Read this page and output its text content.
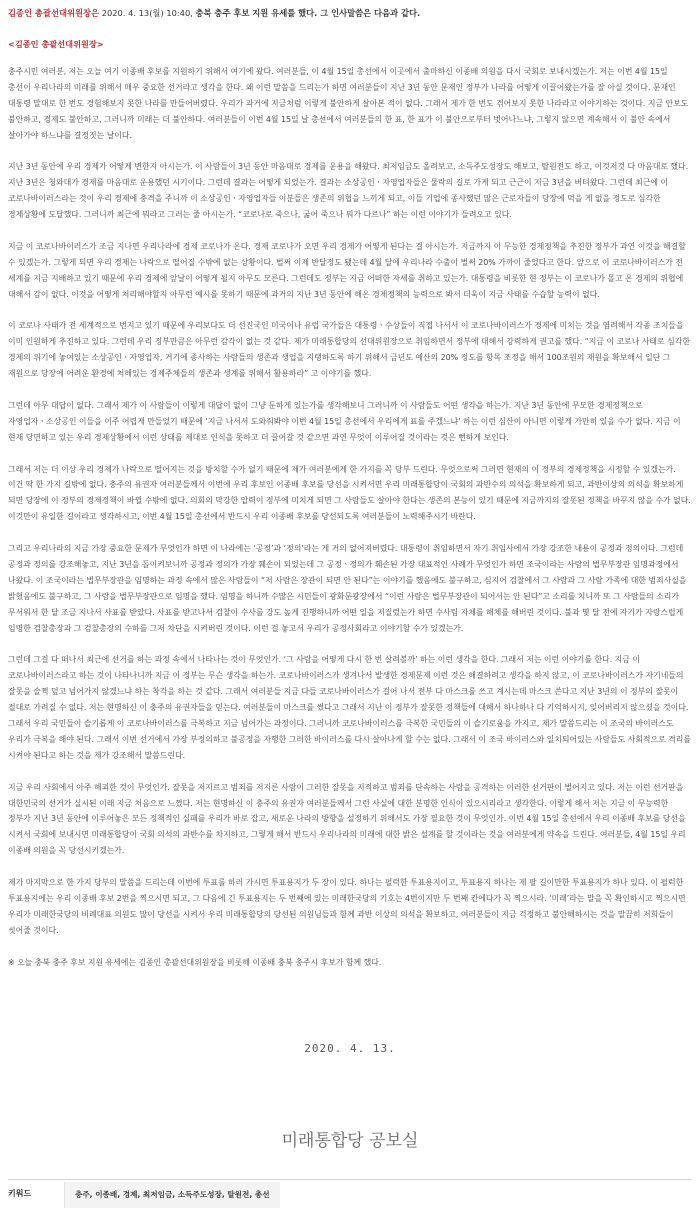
김종인 총괄선대위원장은 2020. 4. 13(월) 10:40, 충북 충주 후보 지원 유세를 했다. 그 인사말씀은 다음과 같다.
<김종인 총괄선대위원장>

충주시민 여러분, 저는 오늘 여기 이종배 후보를 지원하기 위해서 여기에 왔다. 여러분들, 이 4월 15일 총선에서 이곳에서 출마하신 이종배 의원을 다시 국회로 보내시겠는가. 저는 이번 4월 15일 총선이 우리나라의 미래를 위해서 매우 중요한 선거라고 생각을 한다. 왜 이런 말씀을 드리는가 하면 여러분들이 지난 3년 동안 문재인 정부가 나라를 어떻게 이끌어왔는가를 잘 아실 것이다. 문재인 대통령 말대로 한 번도 경험해보지 못한 나라를 만들어버렸다. 우리가 과거에 지금처럼 이렇게 불안하게 살아본 적이 없다. 그래서 제가 한 번도 겪어보지 못한 나라라고 이야기하는 것이다. 지금 안보도 불안하고, 경제도 불안하고, 그러니까 미래는 더 불안하다. 여러분들이 이번 4월 15일 날 총선에서 여러분들의 한 표, 한 표가 이 불안으로부터 벗어나느냐, 그렇지 않으면 계속해서 이 불안 속에서 살아가야 하느냐를 결정짓는 날이다.

지난 3년 동안에 우리 경제가 어떻게 변한지 아시는가. 이 사람들이 3년 동안 마음대로 경제를 운용을 해왔다. 최저임금도 올려보고, 소득주도성장도 해보고, 탈원전도 하고, 이것저것 다 마음대로 했다. 지난 3년은 청와대가 경제를 마음대로 운용했던 시기이다. 그런데 결과는 어떻게 되었는가. 결과는 소상공인ㆍ자영업자들은 물락의 길로 가게 되고 근근이 지금 3년을 버텨왔다. 그런데 최근에 이 코로나바이러스라는 것이 우리 경제에 충격을 주니까 이 소상공인ㆍ자영업자들 이분들은 생존의 위협을 느끼게 되고, 이들 기업에 종사했던 많은 근로자들이 당장에 먹을 게 없을 정도로 심각한 경제상황에 도달했다. 그러니까 최근에 뭐라고 그러는 줄 아시는가. “코로나로 죽으나, 굶어 죽으나 뭐가 다르나” 하는 이런 이야기가 들려오고 있다.

지금 이 코로나바이러스가 조금 지나면 우리나라에 경제 코로나가 온다. 경제 코로나가 오면 우리 경제가 어떻게 된다는 걸 아시는가. 지금까지 이 무능한 경제정책을 추진한 정부가 과연 이것을 해결할 수 있겠는가. 그렇게 되면 우리 경제는 나락으로 떨어질 수밖에 없는 상황이다. 벌써 이제 반달정도 됐는데 4월 달에 우리나라 수출이 벌써 20% 가까이 줄었다고 한다. 앞으로 이 코로나바이러스가 전 세계를 지금 지배하고 있기 때문에 우리 경제에 앞날이 어떻게 될지 아무도 모른다. 그런데도 정부는 지금 어떠한 자세를 취하고 있는가. 대통령을 비롯한 현 정부는 이 코로나가 몰고 온 경제의 위협에 대해서 감이 없다. 이것을 어떻게 처리해야할지 아무런 예시를 못하기 때문에 과거의 지난 3년 동안에 해온 경제정책의 능력으로 봐서 더욱이 지금 사태를 수습할 능력이 없다.

이 코로나 사태가 전 세계적으로 번지고 있기 때문에 우리보다도 더 선진국인 미국이나 유럽 국가들은 대통령ㆍ수상들이 직접 나서서 이 코로나바이러스가 경제에 미치는 것을 염려해서 각종 조치들을 이미 인원하게 추진하고 있다. 그런데 우리 정부만큼은 아무런 감각이 없는 것 같다. 제가 미래통합당의 선대위원장으로 취임하면서 정부에 대해서 강력하게 권고를 했다. “지금 이 코로나 사태로 심각한 경제의 위기에 놓여있는 소상공인ㆍ자영업자, 거기에 종사하는 사람들의 생존과 생업을 지탱하도록 하기 위해서 금년도 예산의 20% 정도를 항목 조정을 해서 100조원의 재원을 확보해서 일단 그 재원으로 당장에 어려운 환경에 처해있는 경제주체들의 생존과 생계를 위해서 활용하라” 고 이야기를 했다.

그런데 아무 대답이 없다. 그래서 제가 이 사람들이 이렇게 대답이 없이 그냥 둔하게 있는가를 생각해보니 그러니까 이 사람들도 어떤 생각을 하는가. 지난 3년 동안에 무모한 경제정책으로 자영업자ㆍ소상공인 이들을 이주 어렵게 만들었기 때문에 ‘지금 나서서 도와줘봐야 이번 4월 15일 총선에서 우리에게 표를 주겠느냐’ 하는 이런 심산이 아니면 이렇게 가만히 있을 수가 없다. 지금 이 현재 당면하고 있는 우리 경제상황에서 이런 상태를 제대로 인식을 못하고 더 끌어갈 것 같으면 과연 무엇이 이루어질 것이라는 것은 뻔하게 보인다.

그래서 저는 더 이상 우리 경제가 나락으로 떨어지는 것을 방치할 수가 없기 때문에 제가 여러분에게 한 가지를 꼭 당부 드린다. 무엇으로써 그러면 현재의 이 정부의 경제정책을 시정할 수 있겠는가. 이건 딱 한 가지 길밖에 없다. 충주의 유권자 여러분들께서 이번에 우리 후보인 이종배 후보를 당선을 시켜서면 우리 미래통합당이 국회의 과반수의 의석을 확보하게 되고, 과반이상의 의석을 확보하게 되면 당장에 이 정부의 경제정책이 바뀔 수밖에 없다. 의회의 막강한 압력이 정부에 미치게 되면 그 사람들도 살아야 한다는 생존의 본능이 있기 때문에 지금까지의 잘못된 정책을 바꾸지 않을 수가 없다. 이것만이 유일한 길이라고 생각하시고, 이번 4월 15일 총선에서 반드시 우리 이종배 후보를 당선되도록 여러분들이 노력해주시기 바란다.

그리고 우리나라의 지금 가장 중요한 문제가 무엇인가 하면 이 나라에는 ‘공정’과 ‘정의’라는 게 거의 없어져버렸다. 대통령이 취임하면서 자기 취임사에서 가장 강조한 내용이 공정과 정의이다. 그런데 공정과 정의를 강조해놓고, 지난 3년을 돌이켜보니까 공정과 정의가 가장 훼손이 되었는데 그 공정ㆍ정의가 훼손된 가장 대표적인 사례가 무엇인가 하면 조국이라는 사람의 법무부장관 임명과정에서 나왔다. 이 조국이라는 법무부장관을 임명하는 과정 속에서 많은 사람들이 “저 사람은 장관이 되면 안 된다”는 이야기를 했음에도 불구하고, 심지어 검찰에서 그 사람과 그 사람 가족에 대한 범죄사실을 밝혔음에도 불구하고, 그 사람을 법무부장관으로 임명을 했다. 임명을 하니까 수많은 시민들이 광화문광장에서 “이런 사람은 법무부장관이 되어서는 안 된다”고 소리를 치니까 또 그 사람들의 소리가 무서워서 한 달 조금 지나서 사표를 받았다. 사표를 받고나서 검찰이 수사를 강도 높게 진행하니까 어떤 일을 저질렀는가 하면 수사팀 자체를 해체를 해버린 것이다. 불과 몇 달 전에 자기가 자랑스럽게 임명한 검찰총장과 그 검찰총장의 수하를 그저 차단을 시켜버린 것이다. 이런 걸 놓고서 우리가 공정사회라고 이야기할 수가 있겠는가.

그런데 그걸 다 떠나서 최근에 선거를 하는 과정 속에서 나타나는 것이 무엇인가. ‘그 사람을 어떻게 다시 한 번 살려볼까’ 하는 이런 생각을 한다. 그래서 저는 이런 이야기를 한다. 지금 이 코로나바이러스라고 하는 것이 나타나니까 지금 이 정부는 무슨 생각을 하는가. 코로나바이러스가 생겨나서 발생한 경제문제 이런 것은 해결하려고 생각을 하지 않고, 이 코로나바이러스가 자기네들의 잘못을 슬쩍 덮고 넘어가지 않겠느냐 하는 착각을 하는 것 같다. 그래서 여러분들 지금 다들 코로나바이러스가 걸어 나서 전부 다 마스크를 쓰고 계시는데 마스크 쓴다고 지난 3년의 이 정부의 잘못이 절대로 가려질 수 없다. 저는 현명하신 이 충주의 유권자들을 믿는다. 여러분들이 마스크를 썼다고 그래서 지난 이 정부가 잘못한 정책들에 대해서 하나하나 다 기억하시지, 잊어버리지 않으셨을 것이다. 그래서 우리 국민들이 슬기롭게 이 코로나바이러스를 극복하고 지금 넘어가는 과정이다. 그러니까 코로나바이러스를 극복한 국민들의 이 슬기로움을 가지고, 제가 말씀드리는 이 조국의 바이러스도 우리가 극복을 해야 된다. 그래서 이번 선거에서 가장 부정의하고 불공정을 자행한 그러한 바이러스를 다시 살아나게 할 수는 없다. 그래서 이 조국 바이러스와 일치되어있는 사람들도 사회적으로 격리를 시켜야 된다고 하는 것을 제가 강조해서 말씀드린다.

지금 우리 사회에서 아주 해괴한 것이 무엇인가. 잘못을 저지르고 범죄를 저지른 사람이 그러한 잘못을 지적하고 범죄를 단속하는 사람을 공격하는 이러한 선거판이 벌어지고 있다. 저는 이런 선거판을 대한민국의 선거가 실시된 이래 지금 처음으로 느꼈다. 저는 현명하신 이 충주의 유권자 여러분들께서 그런 사실에 대한 분명한 인식이 있으시리라고 생각한다. 이렇게 해서 저는 지금 이 무능력한 정부가 지난 3년 동안에 이루어놓은 모든 정책적인 실패를 우리가 바로 잡고, 새로운 나라의 방향을 설정하기 위해서도 가장 필요한 것이 무엇인가. 이번 4월 15일 총선에서 우리 이종배 후보를 당선을 시켜서 국회에 보내시면 미래통합당이 국회 의석의 과반수를 차지하고, 그렇게 해서 반드시 우리나라의 미래에 대한 밝은 설계를 할 것이라는 것을 여러분에게 약속을 드린다. 여러분들, 4월 15일 우리 이종배 의원을 꼭 당선시키겠는가.

제가 마지막으로 한 가지 당부의 말씀을 드리는데 이번에 투표를 하러 가시면 투표용지가 두 장이 있다. 하나는 펄럭한 투표용지이고, 투표용지 하나는 제 팔 길이만한 투표용지가 하나 있다. 이 펄럭한 투표용지에는 우리 이종배 후보 2번을 찍으시면 되고, 그 다음에 긴 투표용지는 두 번째에 있는 미래한국당의 기호는 4번이지만 두 번째 칸에다가 꼭 찍으시라. ‘미래’라는 말을 꼭 확인하시고 찍으시면 우리가 미래한국당의 비례대표 의원도 많이 당선을 시켜서 우리 미래통합당의 당선된 의원님들과 함께 과반 이상의 의석을 확보하고, 여러분들이 지금 걱정하고 불안해하시는 것을 말끔히 저희들이 씻어줄 것이다.

※ 오늘 충북 충주 후보 지원 유세에는 김종인 총괄선대위원장을 비롯해 이종배 충북 충주시 후보가 함께 했다.

2020. 4. 13.
미래통합당 공보실
키워드	충주, 이종배, 경제, 최저임금, 소득주도성장, 탈원전, 총선
